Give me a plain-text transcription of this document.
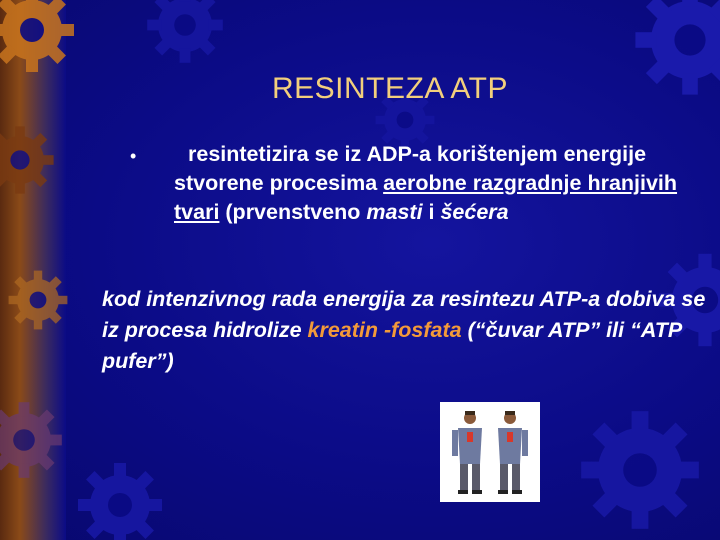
RESINTEZA ATP
•	resintetizira se iz ADP-a korištenjem energije stvorene procesima aerobne razgradnje hranjivih tvari (prvenstveno masti i šećera
kod intenzivnog rada energija za resintezu ATP-a dobiva se iz procesa hidrolize kreatin -fosfata (“čuvar ATP” ili “ATP pufer”)
